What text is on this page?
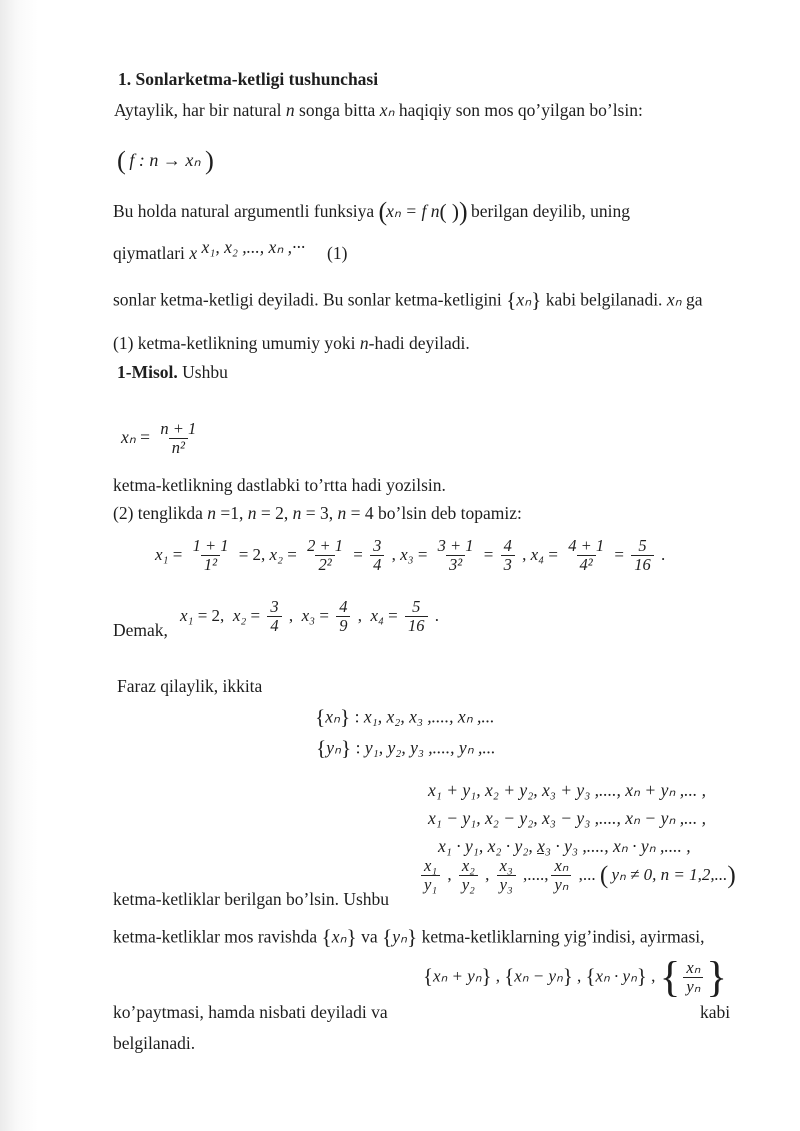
1. Sonlarketma-ketligi tushunchasi
Aytaylik, har bir natural n songa bitta xₙ haqiqiy son mos qo’yilgan bo’lsin:
( f : n → xₙ )
Bu holda natural argumentli funksiya (xₙ = f n( )) berilgan deyilib, uning
qiymatlari x x₁, x₂ ,..., xₙ ,···  (1)
sonlar ketma-ketligi deyiladi. Bu sonlar ketma-ketligini {xₙ} kabi belgilanadi. xₙ ga
(1) ketma-ketlikning umumiy yoki n-hadi deyiladi.
1-Misol. Ushbu
$x_n = \frac{n + 1}{\text{n²}}$
ketma-ketlikning dastlabki to’rtta hadi yozilsin.
(2) tenglikda n =1, n = 2, n = 3, n = 4 bo’lsin deb topamiz:
$x_1 = \frac{1 + 1}{\text{1²}} = 2$, $x_2 = \frac{2 + 1}{\text{2²}} = \frac{3}{4}$ , $x_3 = \frac{3 + 1}{\text{3²}} = \frac{4}{3}$ , $x_4 = \frac{4 + 1}{\text{4²}} = \frac{5}{16}$ .
Demak,
x₁ = 2, $x_2 = \frac{3}{4}$ , $x_3 = \frac{4}{9}$ , $x_4 = \frac{5}{16}$ .
Faraz qilaylik, ikkita
{xₙ} : x₁, x₂, x₃ ,...., xₙ ,...
{yₙ} : y₁, y₂, y₃ ,...., yₙ ,...
x₁ + y₁, x₂ + y₂, x₃ + y₃ ,...., xₙ + yₙ ,... ,
x₁ − y₁, x₂ − y₂, x₃ − y₃ ,...., xₙ − yₙ ,... ,
x₁ · y₁, x₂ · y₂, x₃ · y₃ ,...., xₙ · yₙ ,.... ,
$\frac{\text{x₁}}{\text{y₁}}$ , $\frac{\text{x₂}}{\text{y₂}}$ , $\frac{\text{x₃}}{\text{y₃}}$ ,...., $\frac{\text{xₙ}}{\text{yₙ}}$ ,... ( yₙ ≠ 0, n = 1,2,...)
ketma-ketliklar berilgan bo’lsin. Ushbu
ketma-ketliklar mos ravishda {xₙ} va {yₙ} ketma-ketliklarning yig’indisi, ayirmasi,
{xₙ + yₙ} , {xₙ − yₙ} , {xₙ · yₙ} , { $\frac{\text{xₙ}}{\text{yₙ}}$ }
ko’paytmasi, hamda nisbati deyiladi va	kabi
belgilanadi.
